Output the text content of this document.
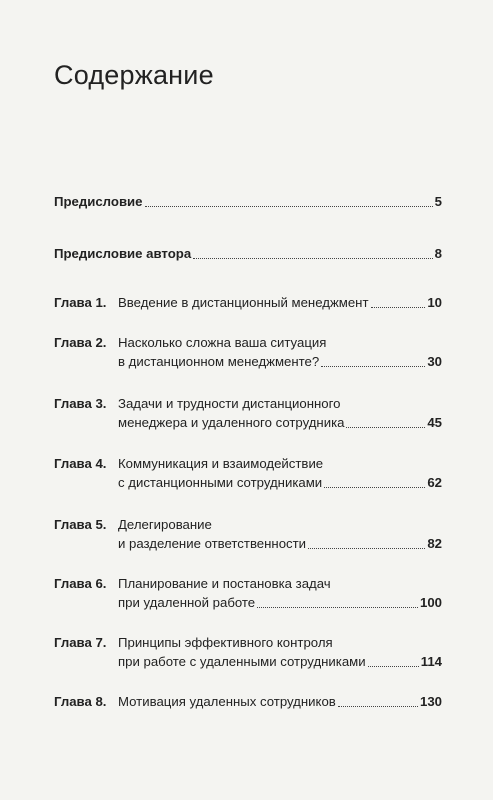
Содержание
Предисловие	5
Предисловие автора	8
Глава 1. Введение в дистанционный менеджмент	10
Глава 2. Насколько сложна ваша ситуация
в дистанционном менеджменте?	30
Глава 3. Задачи и трудности дистанционного
менеджера и удаленного сотрудника	45
Глава 4. Коммуникация и взаимодействие
с дистанционными сотрудниками	62
Глава 5. Делегирование
и разделение ответственности	82
Глава 6. Планирование и постановка задач
при удаленной работе	100
Глава 7. Принципы эффективного контроля
при работе с удаленными сотрудниками	114
Глава 8. Мотивация удаленных сотрудников	130
